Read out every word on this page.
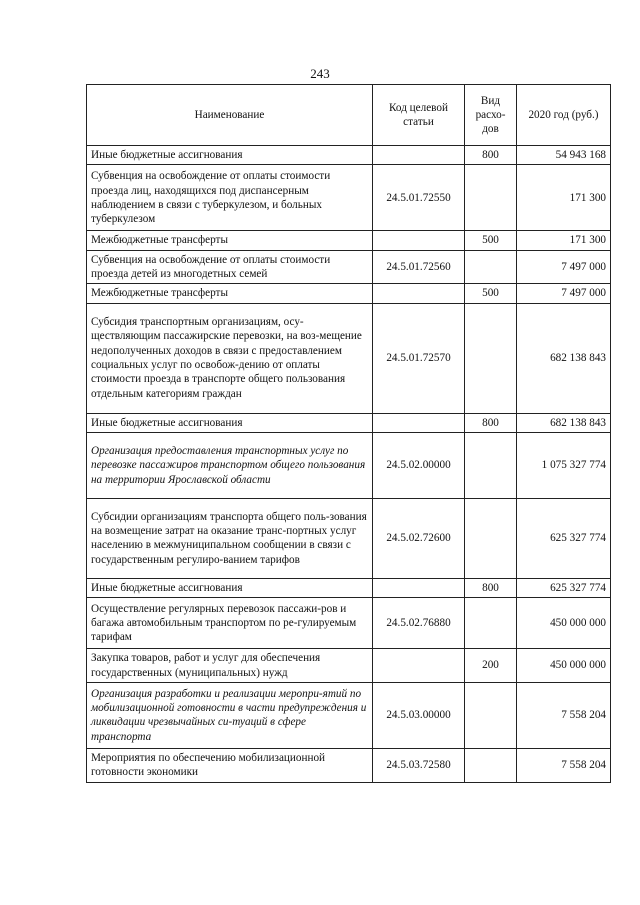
243
Наименование	Код целевой статьи	Вид расхо-дов	2020 год (руб.)
Иные бюджетные ассигнования		800	54 943 168
Субвенция на освобождение от оплаты стоимости проезда лиц, находящихся под диспансерным наблюдением в связи с туберкулезом, и больных туберкулезом	24.5.01.72550		171 300
Межбюджетные трансферты		500	171 300
Субвенция на освобождение от оплаты стоимости проезда детей из многодетных семей	24.5.01.72560		7 497 000
Межбюджетные трансферты		500	7 497 000
Субсидия транспортным организациям, осу-ществляющим пассажирские перевозки, на воз-мещение недополученных доходов в связи с предоставлением социальных услуг по освобож-дению от оплаты стоимости проезда в транспорте общего пользования отдельным категориям граждан	24.5.01.72570		682 138 843
Иные бюджетные ассигнования		800	682 138 843
Организация предоставления транспортных услуг по перевозке пассажиров транспортом общего пользования на территории Ярославской области	24.5.02.00000		1 075 327 774
Субсидии организациям транспорта общего поль-зования на возмещение затрат на оказание транс-портных услуг населению в межмуниципальном сообщении в связи с государственным регулиро-ванием тарифов	24.5.02.72600		625 327 774
Иные бюджетные ассигнования		800	625 327 774
Осуществление регулярных перевозок пассажи-ров и багажа автомобильным транспортом по ре-гулируемым тарифам	24.5.02.76880		450 000 000
Закупка товаров, работ и услуг для обеспечения государственных (муниципальных) нужд		200	450 000 000
Организация разработки и реализации меропри-ятий по мобилизационной готовности в части предупреждения и ликвидации чрезвычайных си-туаций в сфере транспорта	24.5.03.00000		7 558 204
Мероприятия по обеспечению мобилизационной готовности экономики	24.5.03.72580		7 558 204
